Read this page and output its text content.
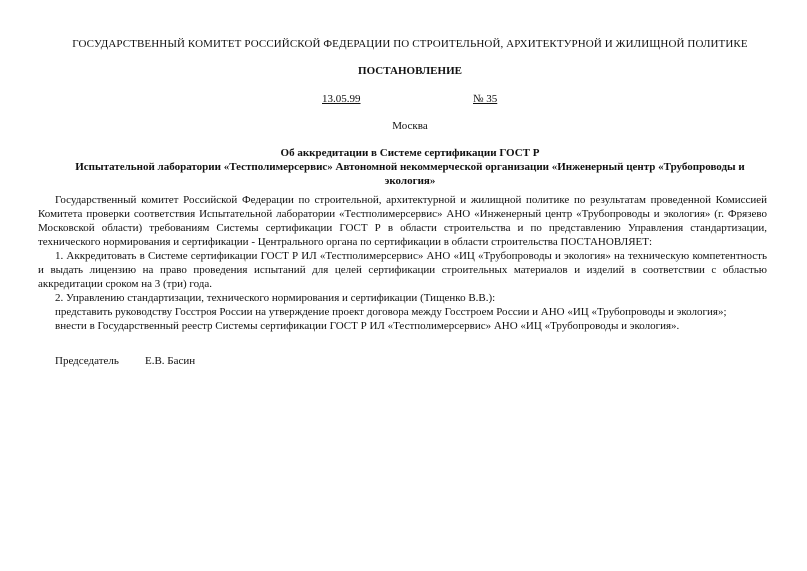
ГОСУДАРСТВЕННЫЙ КОМИТЕТ РОССИЙСКОЙ ФЕДЕРАЦИИ ПО СТРОИТЕЛЬНОЙ, АРХИТЕКТУРНОЙ И ЖИЛИЩНОЙ ПОЛИТИКЕ
ПОСТАНОВЛЕНИЕ
13.05.99	№ 35
Москва
Об аккредитации в Системе сертификации ГОСТ Р
Испытательной лаборатории «Тестполимерсервис» Автономной некоммерческой организации «Инженерный центр «Трубопроводы и экология»

Государственный комитет Российской Федерации по строительной, архитектурной и жилищной политике по результатам проведенной Комиссией Комитета проверки соответствия Испытательной лаборатории «Тестполимерсервис» АНО «Инженерный центр «Трубопроводы и экология» (г. Фрязево Московской области) требованиям Системы сертификации ГОСТ Р в области строительства и по представлению Управления стандартизации, технического нормирования и сертификации - Центрального органа по сертификации в области строительства ПОСТАНОВЛЯЕТ:

1. Аккредитовать в Системе сертификации ГОСТ Р ИЛ «Тестполимерсервис» АНО «ИЦ «Трубопроводы и экология» на техническую компетентность и выдать лицензию на право проведения испытаний для целей сертификации строительных материалов и изделий в соответствии с областью аккредитации сроком на 3 (три) года.

2. Управлению стандартизации, технического нормирования и сертификации (Тищенко В.В.):

представить руководству Госстроя России на утверждение проект договора между Госстроем России и АНО «ИЦ «Трубопроводы и экология»;

внести в Государственный реестр Системы сертификации ГОСТ Р ИЛ «Тестполимерсервис» АНО «ИЦ «Трубопроводы и экология».

Председатель Е.В. Басин
